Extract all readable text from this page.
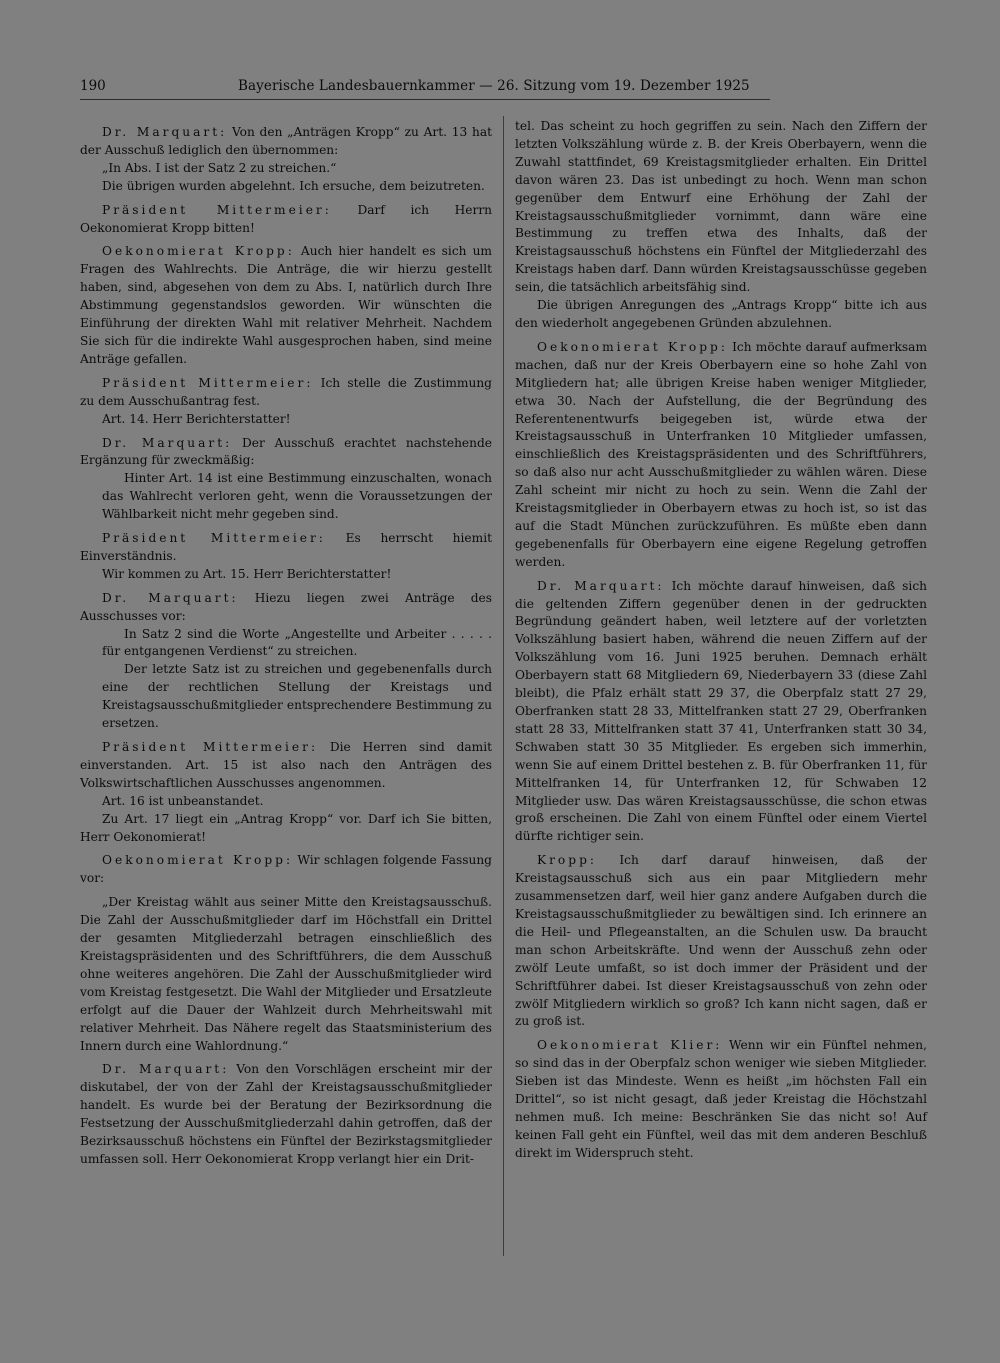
190	Bayerische Landesbauernkammer — 26. Sitzung vom 19. Dezember 1925

Dr. Marquart: Von den „Anträgen Kropp“ zu Art. 13 hat der Ausschuß lediglich den übernommen:

„In Abs. I ist der Satz 2 zu streichen.“

Die übrigen wurden abgelehnt. Ich ersuche, dem beizutreten.

Präsident Mittermeier: Darf ich Herrn Oekonomierat Kropp bitten!

Oekonomierat Kropp: Auch hier handelt es sich um Fragen des Wahlrechts. Die Anträge, die wir hierzu gestellt haben, sind, abgesehen von dem zu Abs. I, natürlich durch Ihre Abstimmung gegenstandslos geworden. Wir wünschten die Einführung der direkten Wahl mit relativer Mehrheit. Nachdem Sie sich für die indirekte Wahl ausgesprochen haben, sind meine Anträge gefallen.

Präsident Mittermeier: Ich stelle die Zustimmung zu dem Ausschußantrag fest.

Art. 14. Herr Berichterstatter!

Dr. Marquart: Der Ausschuß erachtet nachstehende Ergänzung für zweckmäßig:

Hinter Art. 14 ist eine Bestimmung einzuschalten, wonach das Wahlrecht verloren geht, wenn die Voraussetzungen der Wählbarkeit nicht mehr gegeben sind.

Präsident Mittermeier: Es herrscht hiemit Einverständnis.

Wir kommen zu Art. 15. Herr Berichterstatter!

Dr. Marquart: Hiezu liegen zwei Anträge des Ausschusses vor:

In Satz 2 sind die Worte „Angestellte und Arbeiter . . . . . für entgangenen Verdienst“ zu streichen.

Der letzte Satz ist zu streichen und gegebenenfalls durch eine der rechtlichen Stellung der Kreistags und Kreistagsausschußmitglieder entsprechendere Bestimmung zu ersetzen.

Präsident Mittermeier: Die Herren sind damit einverstanden. Art. 15 ist also nach den Anträgen des Volkswirtschaftlichen Ausschusses angenommen.

Art. 16 ist unbeanstandet.

Zu Art. 17 liegt ein „Antrag Kropp“ vor. Darf ich Sie bitten, Herr Oekonomierat!

Oekonomierat Kropp: Wir schlagen folgende Fassung vor:

„Der Kreistag wählt aus seiner Mitte den Kreistagsausschuß. Die Zahl der Ausschußmitglieder darf im Höchstfall ein Drittel der gesamten Mitgliederzahl betragen einschließlich des Kreistagspräsidenten und des Schriftführers, die dem Ausschuß ohne weiteres angehören. Die Zahl der Ausschußmitglieder wird vom Kreistag festgesetzt. Die Wahl der Mitglieder und Ersatzleute erfolgt auf die Dauer der Wahlzeit durch Mehrheitswahl mit relativer Mehrheit. Das Nähere regelt das Staatsministerium des Innern durch eine Wahlordnung.“

Dr. Marquart: Von den Vorschlägen erscheint mir der diskutabel, der von der Zahl der Kreistagsausschußmitglieder handelt. Es wurde bei der Beratung der Bezirksordnung die Festsetzung der Ausschußmitgliederzahl dahin getroffen, daß der Bezirksausschuß höchstens ein Fünftel der Bezirkstagsmitglieder umfassen soll. Herr Oekonomierat Kropp verlangt hier ein Drit-

tel. Das scheint zu hoch gegriffen zu sein. Nach den Ziffern der letzten Volkszählung würde z. B. der Kreis Oberbayern, wenn die Zuwahl stattfindet, 69 Kreistagsmitglieder erhalten. Ein Drittel davon wären 23. Das ist unbedingt zu hoch. Wenn man schon gegenüber dem Entwurf eine Erhöhung der Zahl der Kreistagsausschußmitglieder vornimmt, dann wäre eine Bestimmung zu treffen etwa des Inhalts, daß der Kreistagsausschuß höchstens ein Fünftel der Mitgliederzahl des Kreistags haben darf. Dann würden Kreistagsausschüsse gegeben sein, die tatsächlich arbeitsfähig sind.

Die übrigen Anregungen des „Antrags Kropp“ bitte ich aus den wiederholt angegebenen Gründen abzulehnen.

Oekonomierat Kropp: Ich möchte darauf aufmerksam machen, daß nur der Kreis Oberbayern eine so hohe Zahl von Mitgliedern hat; alle übrigen Kreise haben weniger Mitglieder, etwa 30. Nach der Aufstellung, die der Begründung des Referentenentwurfs beigegeben ist, würde etwa der Kreistagsausschuß in Unterfranken 10 Mitglieder umfassen, einschließlich des Kreistagspräsidenten und des Schriftführers, so daß also nur acht Ausschußmitglieder zu wählen wären. Diese Zahl scheint mir nicht zu hoch zu sein. Wenn die Zahl der Kreistagsmitglieder in Oberbayern etwas zu hoch ist, so ist das auf die Stadt München zurückzuführen. Es müßte eben dann gegebenenfalls für Oberbayern eine eigene Regelung getroffen werden.

Dr. Marquart: Ich möchte darauf hinweisen, daß sich die geltenden Ziffern gegenüber denen in der gedruckten Begründung geändert haben, weil letztere auf der vorletzten Volkszählung basiert haben, während die neuen Ziffern auf der Volkszählung vom 16. Juni 1925 beruhen. Demnach erhält Oberbayern statt 68 Mitgliedern 69, Niederbayern 33 (diese Zahl bleibt), die Pfalz erhält statt 29 37, die Oberpfalz statt 27 29, Oberfranken statt 28 33, Mittelfranken statt 27 29, Oberfranken statt 28 33, Mittelfranken statt 37 41, Unterfranken statt 30 34, Schwaben statt 30 35 Mitglieder. Es ergeben sich immerhin, wenn Sie auf einem Drittel bestehen z. B. für Oberfranken 11, für Mittelfranken 14, für Unterfranken 12, für Schwaben 12 Mitglieder usw. Das wären Kreistagsausschüsse, die schon etwas groß erscheinen. Die Zahl von einem Fünftel oder einem Viertel dürfte richtiger sein.

Kropp: Ich darf darauf hinweisen, daß der Kreistagsausschuß sich aus ein paar Mitgliedern mehr zusammensetzen darf, weil hier ganz andere Aufgaben durch die Kreistagsausschußmitglieder zu bewältigen sind. Ich erinnere an die Heil- und Pflegeanstalten, an die Schulen usw. Da braucht man schon Arbeitskräfte. Und wenn der Ausschuß zehn oder zwölf Leute umfaßt, so ist doch immer der Präsident und der Schriftführer dabei. Ist dieser Kreistagsausschuß von zehn oder zwölf Mitgliedern wirklich so groß? Ich kann nicht sagen, daß er zu groß ist.

Oekonomierat Klier: Wenn wir ein Fünftel nehmen, so sind das in der Oberpfalz schon weniger wie sieben Mitglieder. Sieben ist das Mindeste. Wenn es heißt „im höchsten Fall ein Drittel“, so ist nicht gesagt, daß jeder Kreistag die Höchstzahl nehmen muß. Ich meine: Beschränken Sie das nicht so! Auf keinen Fall geht ein Fünftel, weil das mit dem anderen Beschluß direkt im Widerspruch steht.
